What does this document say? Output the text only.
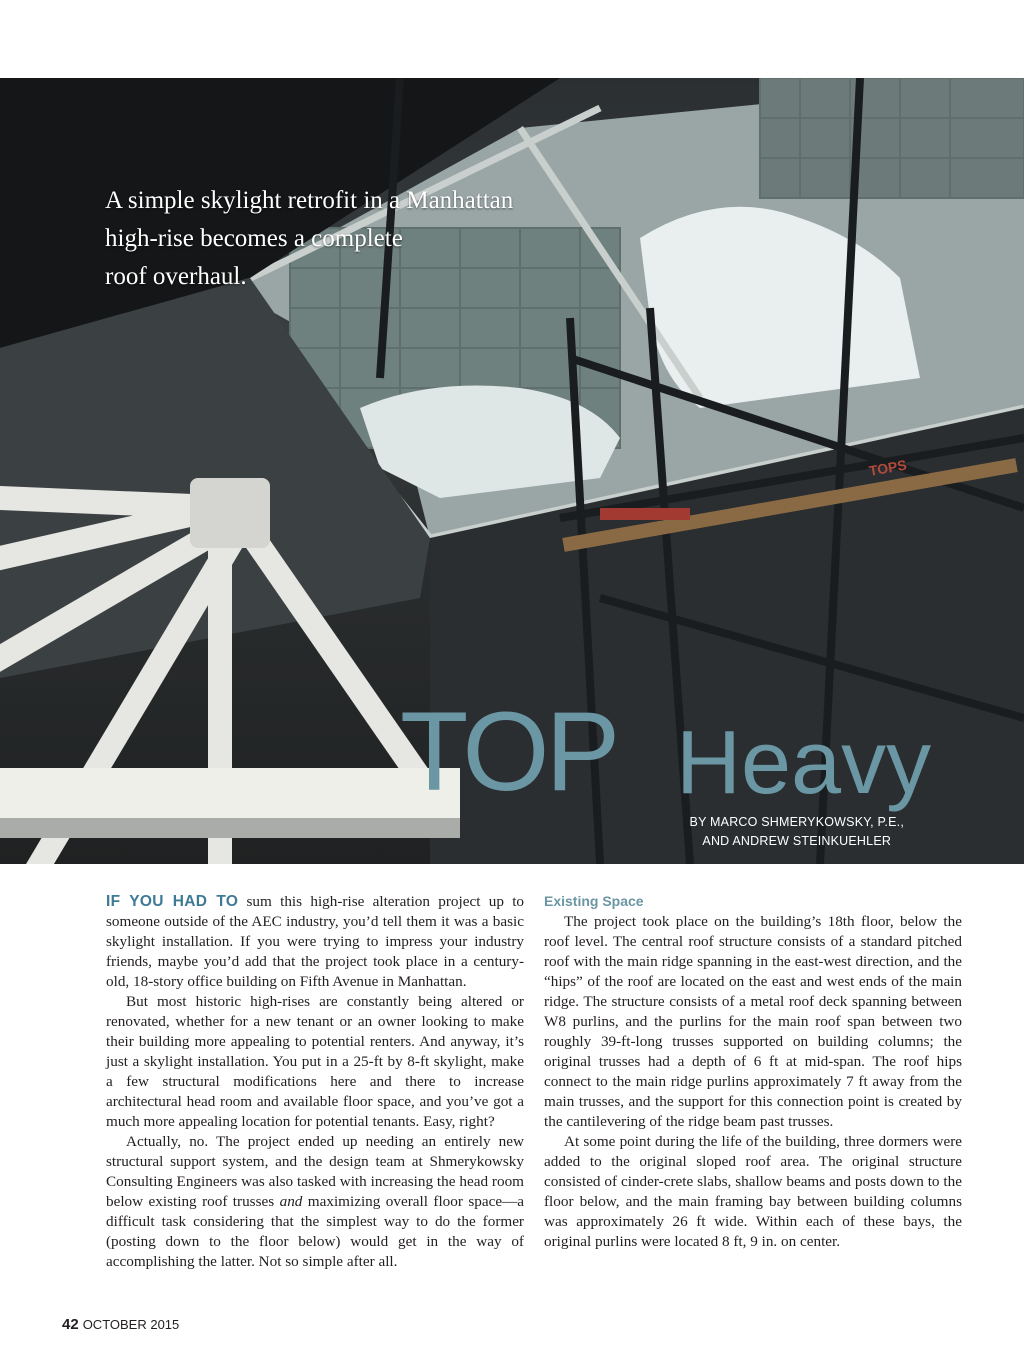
TOPS
A simple skylight retrofit in a Manhattan
high-rise becomes a complete
roof overhaul.
TOP Heavy
BY MARCO SHMERYKOWSKY, P.E.,
AND ANDREW STEINKUEHLER

IF YOU HAD TO sum this high-rise alteration project up to someone outside of the AEC industry, you’d tell them it was a basic skylight installation. If you were trying to impress your industry friends, maybe you’d add that the project took place in a century-old, 18-story office building on Fifth Avenue in Manhattan.

But most historic high-rises are constantly being altered or renovated, whether for a new tenant or an owner looking to make their building more appealing to potential renters. And anyway, it’s just a skylight installation. You put in a 25-ft by 8-ft skylight, make a few structural modifications here and there to increase architectural head room and available floor space, and you’ve got a much more appealing location for potential tenants. Easy, right?

Actually, no. The project ended up needing an entirely new structural support system, and the design team at Shmerykowsky Consulting Engineers was also tasked with increasing the head room below existing roof trusses and maximizing overall floor space—a difficult task considering that the simplest way to do the former (posting down to the floor below) would get in the way of accomplishing the latter. Not so simple after all.

Existing Space

The project took place on the building’s 18th floor, below the roof level. The central roof structure consists of a standard pitched roof with the main ridge spanning in the east-west direction, and the “hips” of the roof are located on the east and west ends of the main ridge. The structure consists of a metal roof deck spanning between W8 purlins, and the purlins for the main roof span between two roughly 39-ft-long trusses supported on building columns; the original trusses had a depth of 6 ft at mid-span. The roof hips connect to the main ridge purlins approximately 7 ft away from the main trusses, and the support for this connection point is created by the cantilevering of the ridge beam past trusses.

At some point during the life of the building, three dormers were added to the original sloped roof area. The original structure consisted of cinder-crete slabs, shallow beams and posts down to the floor below, and the main framing bay between building columns was approximately 26 ft wide. Within each of these bays, the original purlins were located 8 ft, 9 in. on center.

42 OCTOBER 2015
